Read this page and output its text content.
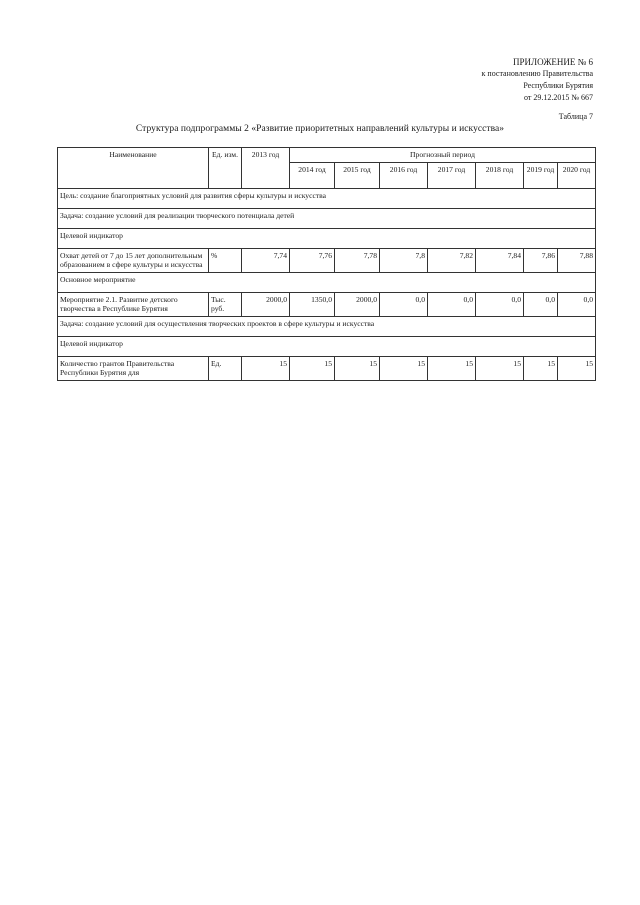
ПРИЛОЖЕНИЕ № 6
к постановлению Правительства
Республики Бурятия
от 29.12.2015 № 667
Таблица 7
Структура подпрограммы 2 «Развитие приоритетных направлений культуры и искусства»
Наименование	Ед. изм.	2013 год	Прогнозный период						
			2014 год	2015 год	2016 год	2017 год	2018 год	2019 год	2020 год
Цель: создание благоприятных условий для развития сферы культуры и искусства									
Задача: создание условий для реализации творческого потенциала детей									
Целевой индикатор									
Охват детей от 7 до 15 лет дополнительным образованием в сфере культуры и искусства	%	7,74	7,76	7,78	7,8	7,82	7,84	7,86	7,88
Основное мероприятие									
Мероприятие 2.1. Развитие детского творчества в Республике Бурятия	Тыс. руб.	2000,0	1350,0	2000,0	0,0	0,0	0,0	0,0	0,0
Задача: создание условий для осуществления творческих проектов в сфере культуры и искусства									
Целевой индикатор									
Количество грантов Правительства Республики Бурятия для	Ед.	15	15	15	15	15	15	15	15
